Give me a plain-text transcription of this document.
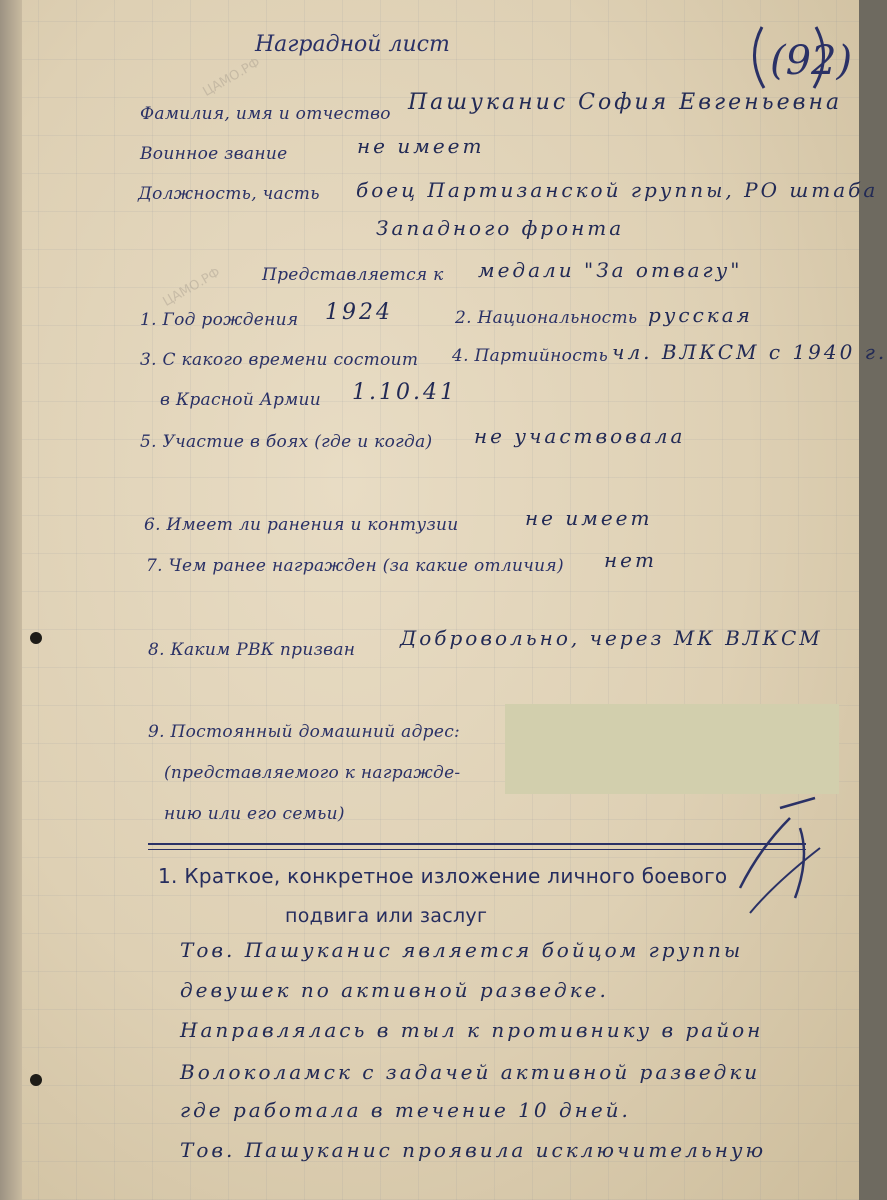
ЦАМО.РФ
ЦАМО.РФ
(92)
Наградной лист
Фамилия, имя и отчество Пашуканис София Евгеньевна
Воинное звание	не имеет
Должность, часть боец Партизанской группы, РО штаба
Западного фронта
Представляется к медали "За отвагу"
1. Год рождения 1924	2. Национальность русская
3. С какого времени состоит 4. Партийность чл. ВЛКСМ с 1940 г.
в Красной Армии 1.10.41
5. Участие в боях (где и когда) не участвовала
6. Имеет ли ранения и контузии	не имеет
7. Чем ранее награжден (за какие отличия) нет
8. Каким РВК призван Добровольно, через МК ВЛКСМ
9. Постоянный домашний адрес:
(представляемого к награжде-
нию или его семьи)
1. Краткое, конкретное изложение личного боевого
подвига или заслуг
Тов. Пашуканис является бойцом группы
девушек по активной разведке.
Направлялась в тыл к противнику в район
Волоколамск с задачей активной разведки
где работала в течение 10 дней.
Тов. Пашуканис проявила исключительную
